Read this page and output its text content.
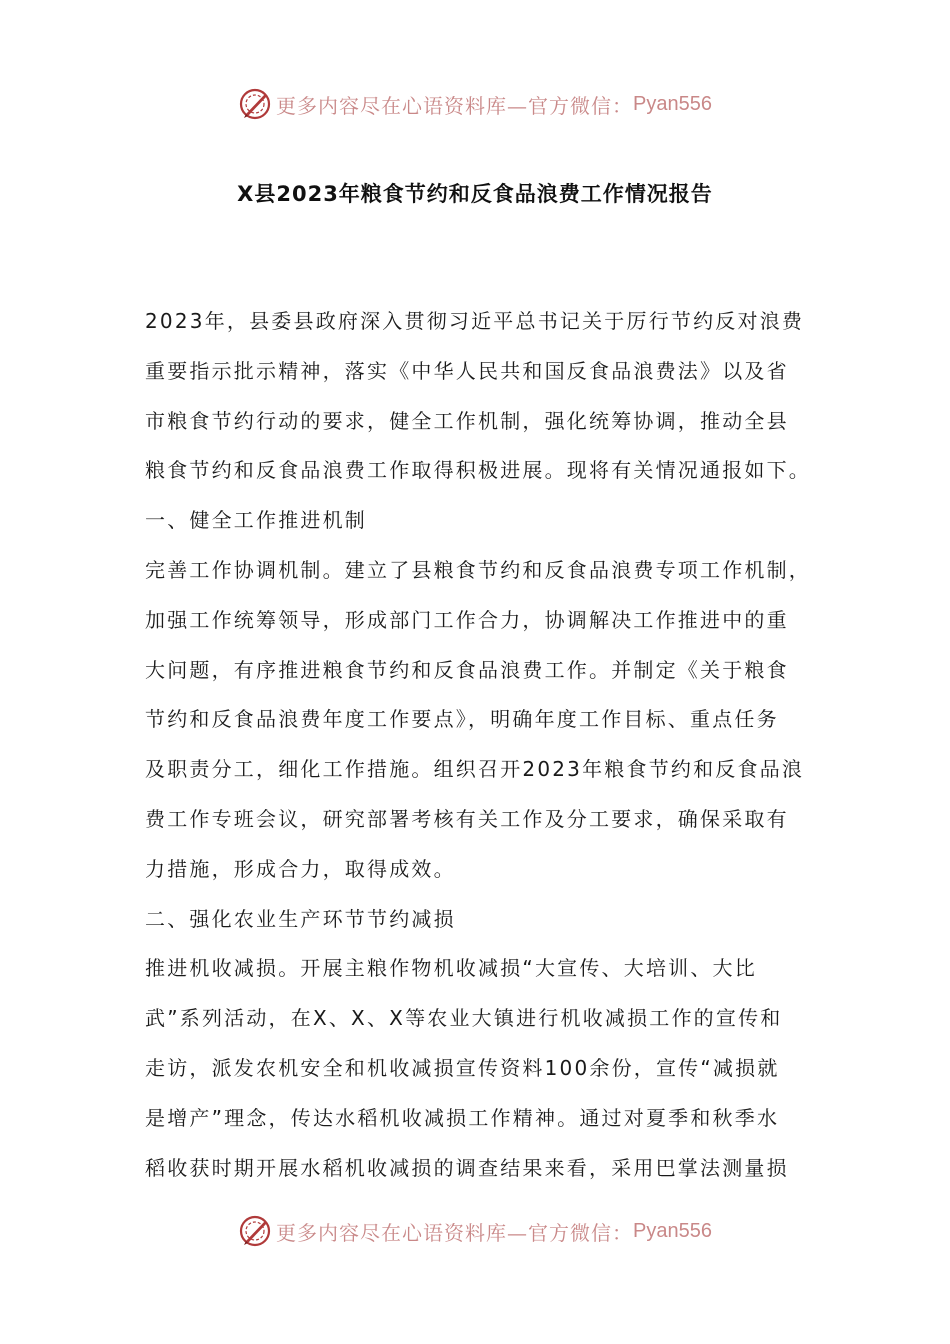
更多内容尽在心语资料库—官方微信： Pyan556
X县2023年粮食节约和反食品浪费工作情况报告
2023年，县委县政府深入贯彻习近平总书记关于厉行节约反对浪费
重要指示批示精神，落实《中华人民共和国反食品浪费法》以及省
市粮食节约行动的要求，健全工作机制，强化统筹协调，推动全县
粮食节约和反食品浪费工作取得积极进展。现将有关情况通报如下。
一、健全工作推进机制
完善工作协调机制。建立了县粮食节约和反食品浪费专项工作机制，
加强工作统筹领导，形成部门工作合力，协调解决工作推进中的重
大问题，有序推进粮食节约和反食品浪费工作。并制定《关于粮食
节约和反食品浪费年度工作要点》，明确年度工作目标、重点任务
及职责分工，细化工作措施。组织召开2023年粮食节约和反食品浪
费工作专班会议，研究部署考核有关工作及分工要求，确保采取有
力措施，形成合力，取得成效。
二、强化农业生产环节节约减损
推进机收减损。开展主粮作物机收减损“大宣传、大培训、大比
武”系列活动，在X、X、X等农业大镇进行机收减损工作的宣传和
走访，派发农机安全和机收减损宣传资料100余份，宣传“减损就
是增产”理念，传达水稻机收减损工作精神。通过对夏季和秋季水
稻收获时期开展水稻机收减损的调查结果来看，采用巴掌法测量损
更多内容尽在心语资料库—官方微信： Pyan556
